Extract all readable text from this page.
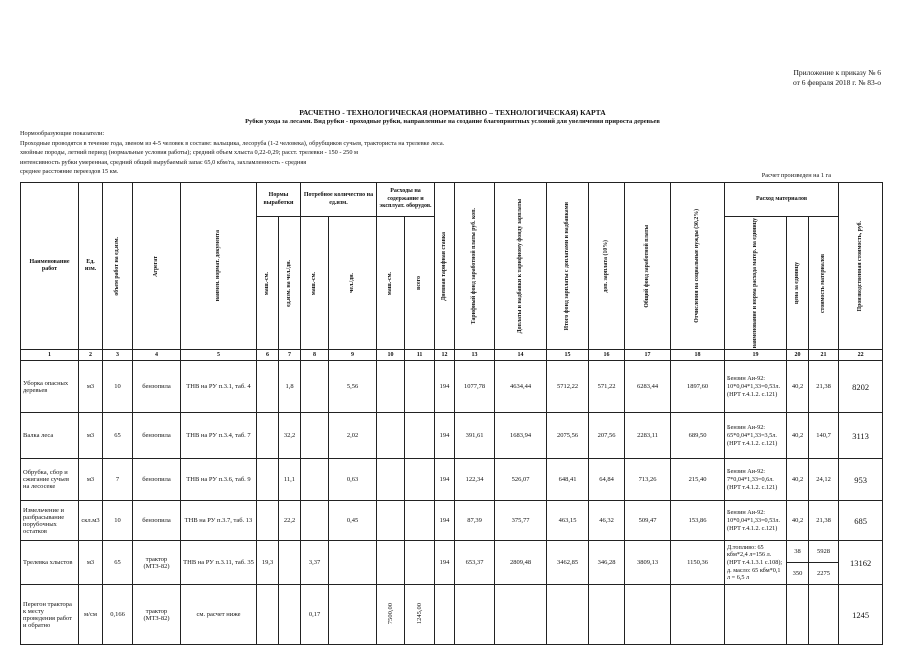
Приложение к приказу № 6
от 6 февраля 2018 г. № 83-о
РАСЧЕТНО - ТЕХНОЛОГИЧЕСКАЯ (НОРМАТИВНО – ТЕХНОЛОГИЧЕСКАЯ) КАРТА
Рубки ухода за лесами. Вид рубки - проходные рубки, направленные на создание благоприятных условий для увеличения прироста деревьев
Нормообразующие показатели:
Проходные проводятся в течение года, звеном из 4-5 человек в составе: вальщика, лесоруба (1-2 человека), обрубщиков сучьев, тракториста на трелевке леса.
хвойные породы, летний период (нормальные условия работы); средний объем хлыста 0,22-0,29; расст. трелевки - 150 - 250 м
интенсивность рубки умеренная, средний общий вырубаемый запас 65,0 кбм/га, захламленность - средняя
среднее расстояние переездов 15 км.
Расчет произведен на 1 га
Наименование работ	Ед. изм.	объем работ на ед.изм.	Агрегат	наимен. нормат. документа	Нормы выработки		Потребное количество на ед.изм.		Расходы на содержание и эксплуат. оборудов.		Дневная тарифная ставка	Тарифный фонд заработной платы руб. коп.	Доплаты и надбавки к тарифному фонду зарплаты	Итого фонд зарплаты с доплатами и надбавками	доп. зарплата (10%)	Общий фонд заработной платы	Отчисления на социальные нужды (30,2%)	Расход материалов			Производственная стоимость, руб.

					маш.-см.	ед.изм. на чел./дн.	маш.-см.	чел./дн.	маш.-см.	всего								наименование и норма расхода матер. на единицу	цена за единицу	стоимость материалов	

1	2	3	4	5	6	7	8	9	10	11	12	13	14	15	16	17	18	19	20	21	22
Уборка опасных деревьев	м3	10	бензопила	ТНВ на РУ п.3.1, таб. 4		1,8		5,56			194	1077,78	4634,44	5712,22	571,22	6283,44	1897,60	Бензин Аи-92: 10*0,04*1,33=0,53л. (НРТ т.4.1.2. с.121)	40,2	21,38	8202
Валка леса	м3	65	бензопила	ТНВ на РУ п.3.4, таб. 7		32,2		2,02			194	391,61	1683,94	2075,56	207,56	2283,11	689,50	Бензин Аи-92: 65*0,04*1,33=3,5л. (НРТ т.4.1.2. с.121)	40,2	140,7	3113
Обрубка, сбор и сжигание сучьев на лесосеке	м3	7	бензопила	ТНВ на РУ п.3.6, таб. 9		11,1		0,63			194	122,34	526,07	648,41	64,84	713,26	215,40	Бензин Аи-92: 7*0,04*1,33=0,6л. (НРТ т.4.1.2. с.121)	40,2	24,12	953
Измельчение и разбрасывание порубочных остатков	скл.м3	10	бензопила	ТНВ на РУ п.3.7, таб. 13		22,2		0,45			194	87,39	375,77	463,15	46,32	509,47	153,86	Бензин Аи-92: 10*0,04*1,33=0,53л. (НРТ т.4.1.2. с.121)	40,2	21,38	685
Трелевка хлыстов	м3	65	трактор (МТЗ-82)	ТНВ на РУ п.3.11, таб. 35	19,3		3,37				194	653,37	2809,48	3462,85	346,28	3809,13	1150,36	Д.топливо: 65 кбм*2,4 л=156 л. (НРТ т.4.1.3.1 с.108); д. масло: 65 кбм*0,1 л = 6,5 л	38	5928	13162
																			350	2275	
Перегон трактора к месту проведения работ и обратно	м/см	0,166	трактор (МТЗ-82)	см. расчет ниже			0,17		7500,00	1245,00											1245
